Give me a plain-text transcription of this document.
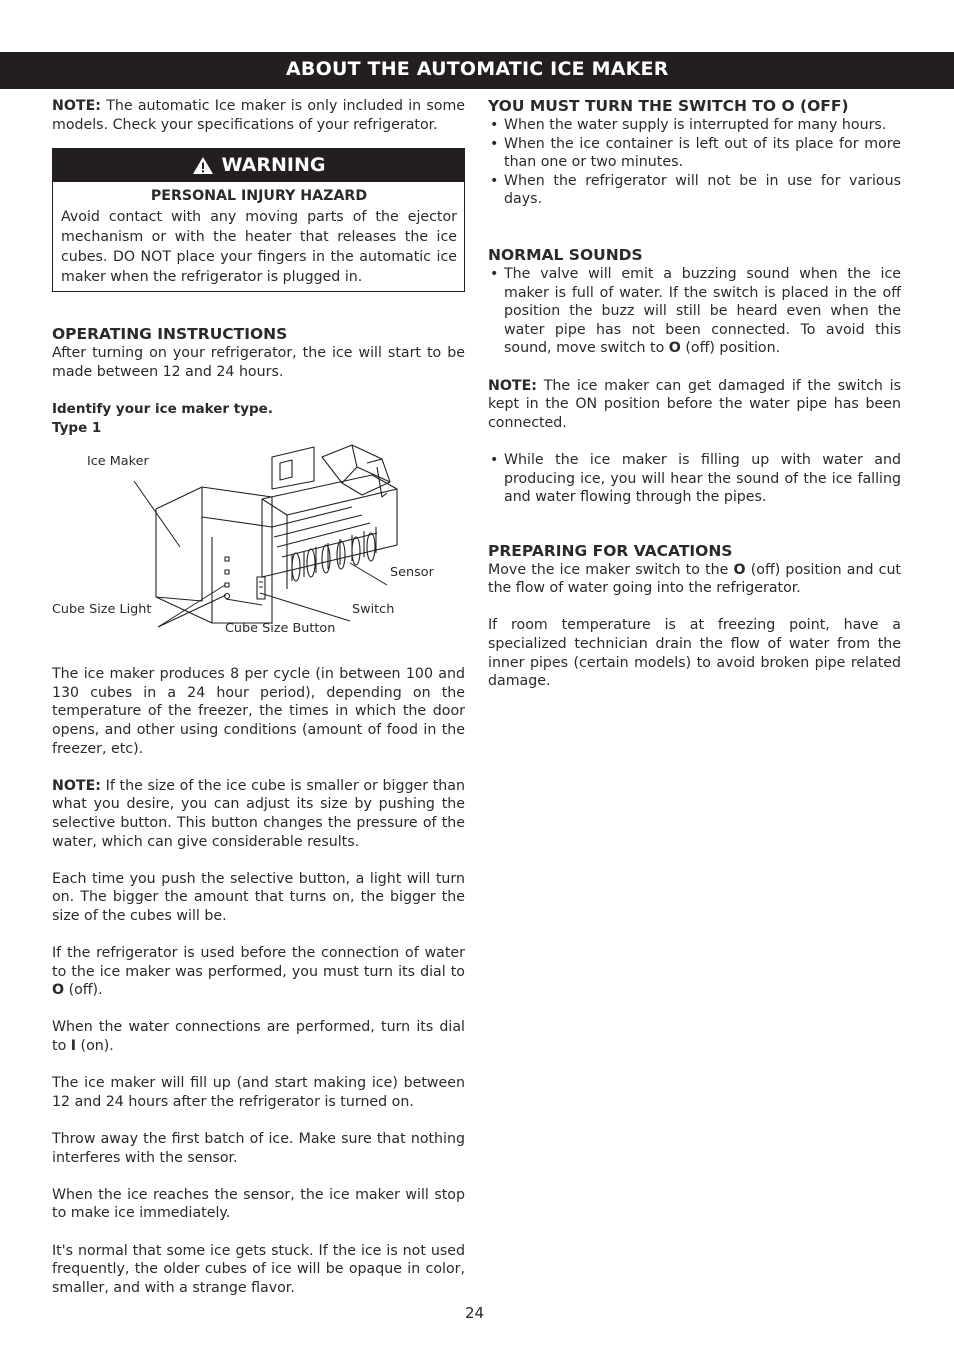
ABOUT THE AUTOMATIC ICE MAKER

NOTE: The automatic Ice maker is only included in some models. Check your specifications of your refrigerator.

WARNING
PERSONAL INJURY HAZARD

Avoid contact with any moving parts of the ejector mechanism or with the heater that releases the ice cubes. DO NOT place your fingers in the automatic ice maker when the refrigerator is plugged in.

OPERATING INSTRUCTIONS

After turning on your refrigerator, the ice will start to be made between 12 and 24 hours.

Identify your ice maker type.
Type 1
Ice Maker
Sensor
Cube Size Light	Switch
Cube Size Button

The ice maker produces 8 per cycle (in between 100 and 130 cubes in a 24 hour period), depending on the temperature of the freezer, the times in which the door opens, and other using conditions (amount of food in the freezer, etc).

NOTE: If the size of the ice cube is smaller or bigger than what you desire, you can adjust its size by pushing the selective button. This button changes the pressure of the water, which can give considerable results.

Each time you push the selective button, a light will turn on. The bigger the amount that turns on, the bigger the size of the cubes will be.

If the refrigerator is used before the connection of water to the ice maker was performed, you must turn its dial to O (off).

When the water connections are performed, turn its dial to I (on).

The ice maker will fill up (and start making ice) between 12 and 24 hours after the refrigerator is turned on.

Throw away the first batch of ice. Make sure that nothing interferes with the sensor.

When the ice reaches the sensor, the ice maker will stop to make ice immediately.

It's normal that some ice gets stuck. If the ice is not used frequently, the older cubes of ice will be opaque in color, smaller, and with a strange flavor.

YOU MUST TURN THE SWITCH TO O (OFF)
• When the water supply is interrupted for many hours.
• When the ice container is left out of its place for more than one or two minutes.
• When the refrigerator will not be in use for various days.
NORMAL SOUNDS
• The valve will emit a buzzing sound when the ice maker is full of water. If the switch is placed in the off position the buzz will still be heard even when the water pipe has not been connected. To avoid this sound, move switch to O (off) position.

NOTE: The ice maker can get damaged if the switch is kept in the ON position before the water pipe has been connected.

• While the ice maker is filling up with water and producing ice, you will hear the sound of the ice falling and water flowing through the pipes.
PREPARING FOR VACATIONS

Move the ice maker switch to the O (off) position and cut the flow of water going into the refrigerator.

If room temperature is at freezing point, have a specialized technician drain the flow of water from the inner pipes (certain models) to avoid broken pipe related damage.

24
